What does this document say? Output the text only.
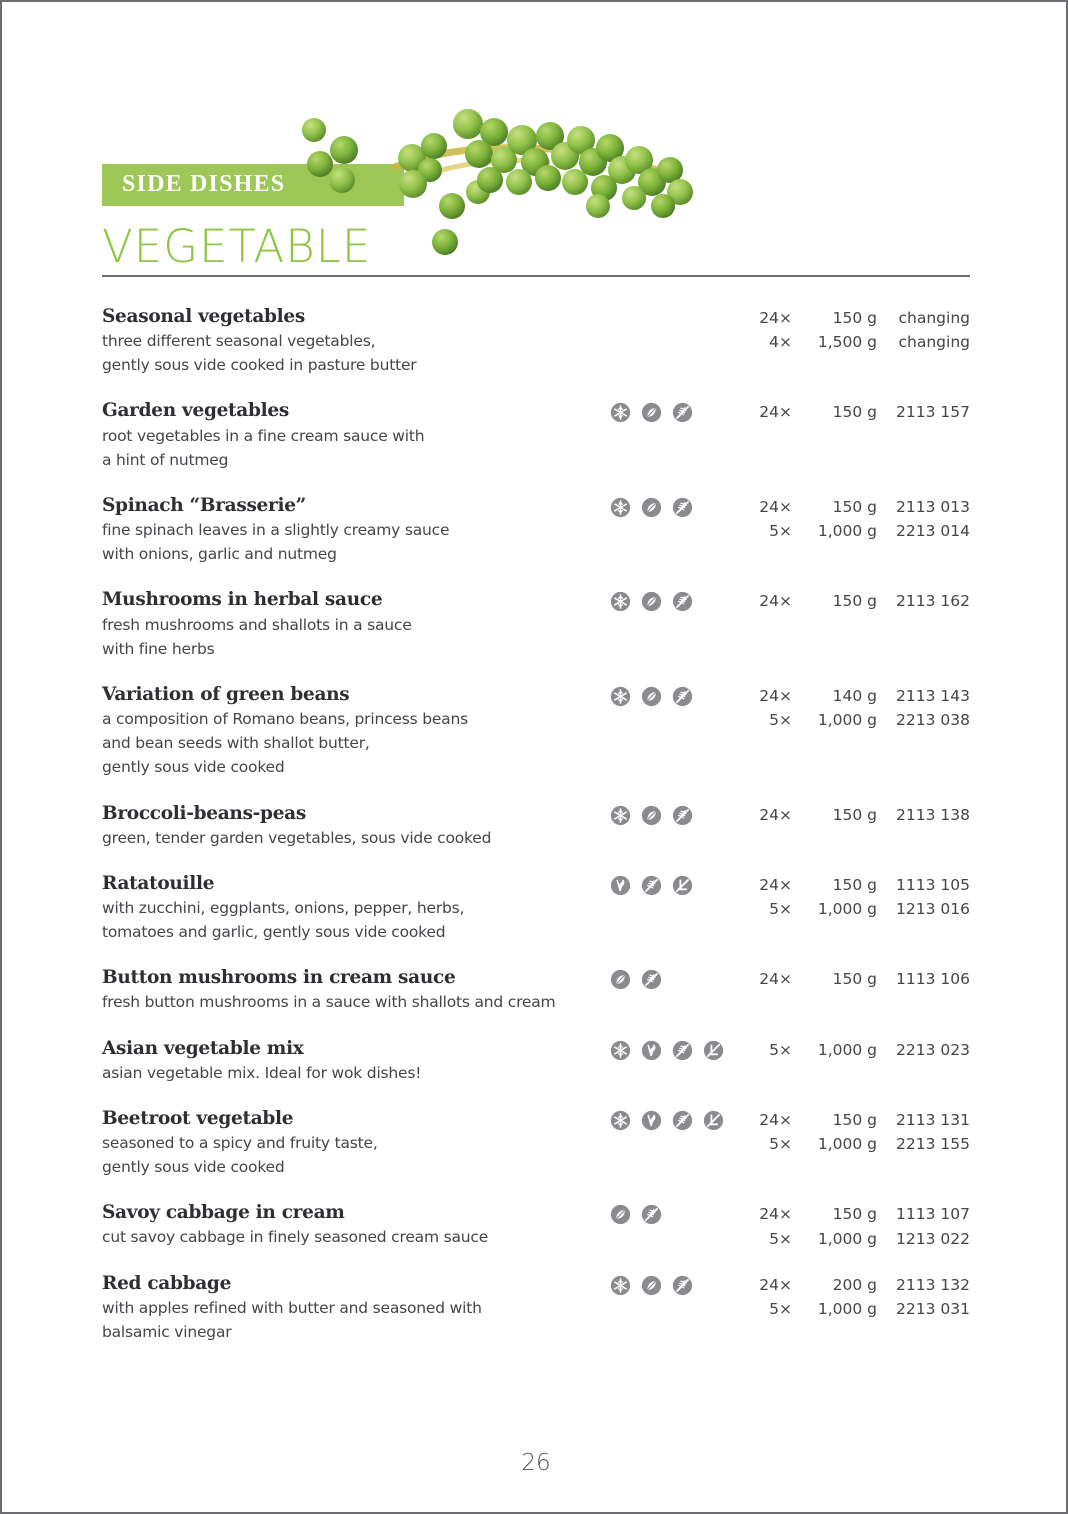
SIDE DISHES
VEGETABLE
Seasonal vegetables	24×	150 g	changing
4×	1,500 g	changing
three different seasonal vegetables,
gently sous vide cooked in pasture butter
Garden vegetables	24×	150 g	2113 157
root vegetables in a fine cream sauce with
a hint of nutmeg
Spinach “Brasserie”	24×	150 g	2113 013
5×	1,000 g	2213 014
fine spinach leaves in a slightly creamy sauce
with onions, garlic and nutmeg
Mushrooms in herbal sauce	24×	150 g	2113 162
fresh mushrooms and shallots in a sauce
with fine herbs
Variation of green beans	24×	140 g	2113 143
5×	1,000 g	2213 038
a composition of Romano beans, princess beans
and bean seeds with shallot butter,
gently sous vide cooked
Broccoli-beans-peas	24×	150 g	2113 138
green, tender garden vegetables, sous vide cooked
Ratatouille	24×	150 g	1113 105
5×	1,000 g	1213 016
with zucchini, eggplants, onions, pepper, herbs,
tomatoes and garlic, gently sous vide cooked
Button mushrooms in cream sauce	24×	150 g	1113 106
fresh button mushrooms in a sauce with shallots and cream
Asian vegetable mix	5×	1,000 g	2213 023
asian vegetable mix. Ideal for wok dishes!
Beetroot vegetable	24×	150 g	2113 131
5×	1,000 g	2213 155
seasoned to a spicy and fruity taste,
gently sous vide cooked
Savoy cabbage in cream	24×	150 g	1113 107
5×	1,000 g	1213 022
cut savoy cabbage in finely seasoned cream sauce
Red cabbage	24×	200 g	2113 132
5×	1,000 g	2213 031
with apples refined with butter and seasoned with
balsamic vinegar
26
